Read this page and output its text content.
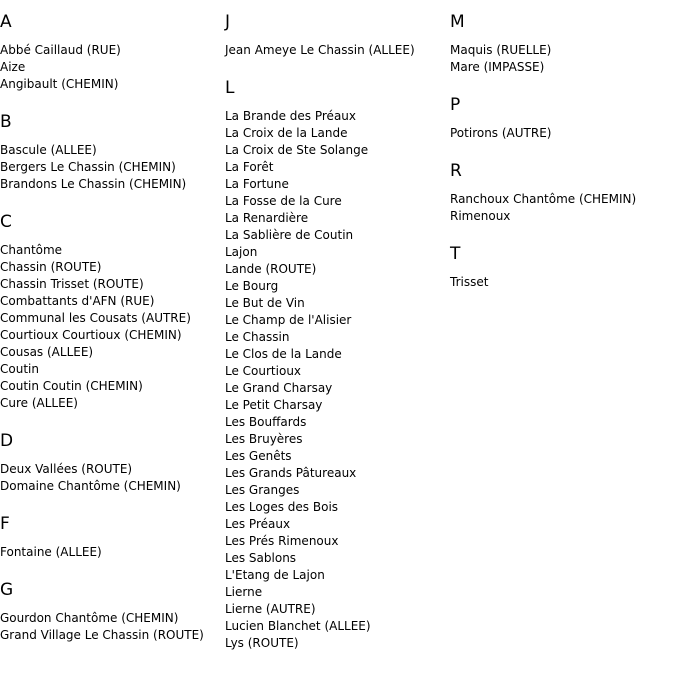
A
Abbé Caillaud (RUE)
Aize
Angibault (CHEMIN)
B
Bascule (ALLEE)
Bergers Le Chassin (CHEMIN)
Brandons Le Chassin (CHEMIN)
C
Chantôme
Chassin (ROUTE)
Chassin Trisset (ROUTE)
Combattants d'AFN (RUE)
Communal les Cousats (AUTRE)
Courtioux Courtioux (CHEMIN)
Cousas (ALLEE)
Coutin
Coutin Coutin (CHEMIN)
Cure (ALLEE)
D
Deux Vallées (ROUTE)
Domaine Chantôme (CHEMIN)
F
Fontaine (ALLEE)
G
Gourdon Chantôme (CHEMIN)
Grand Village Le Chassin (ROUTE)
J
Jean Ameye Le Chassin (ALLEE)
L
La Brande des Préaux
La Croix de la Lande
La Croix de Ste Solange
La Forêt
La Fortune
La Fosse de la Cure
La Renardière
La Sablière de Coutin
Lajon
Lande (ROUTE)
Le Bourg
Le But de Vin
Le Champ de l'Alisier
Le Chassin
Le Clos de la Lande
Le Courtioux
Le Grand Charsay
Le Petit Charsay
Les Bouffards
Les Bruyères
Les Genêts
Les Grands Pâtureaux
Les Granges
Les Loges des Bois
Les Préaux
Les Prés Rimenoux
Les Sablons
L'Etang de Lajon
Lierne
Lierne (AUTRE)
Lucien Blanchet (ALLEE)
Lys (ROUTE)
M
Maquis (RUELLE)
Mare (IMPASSE)
P
Potirons (AUTRE)
R
Ranchoux Chantôme (CHEMIN)
Rimenoux
T
Trisset
